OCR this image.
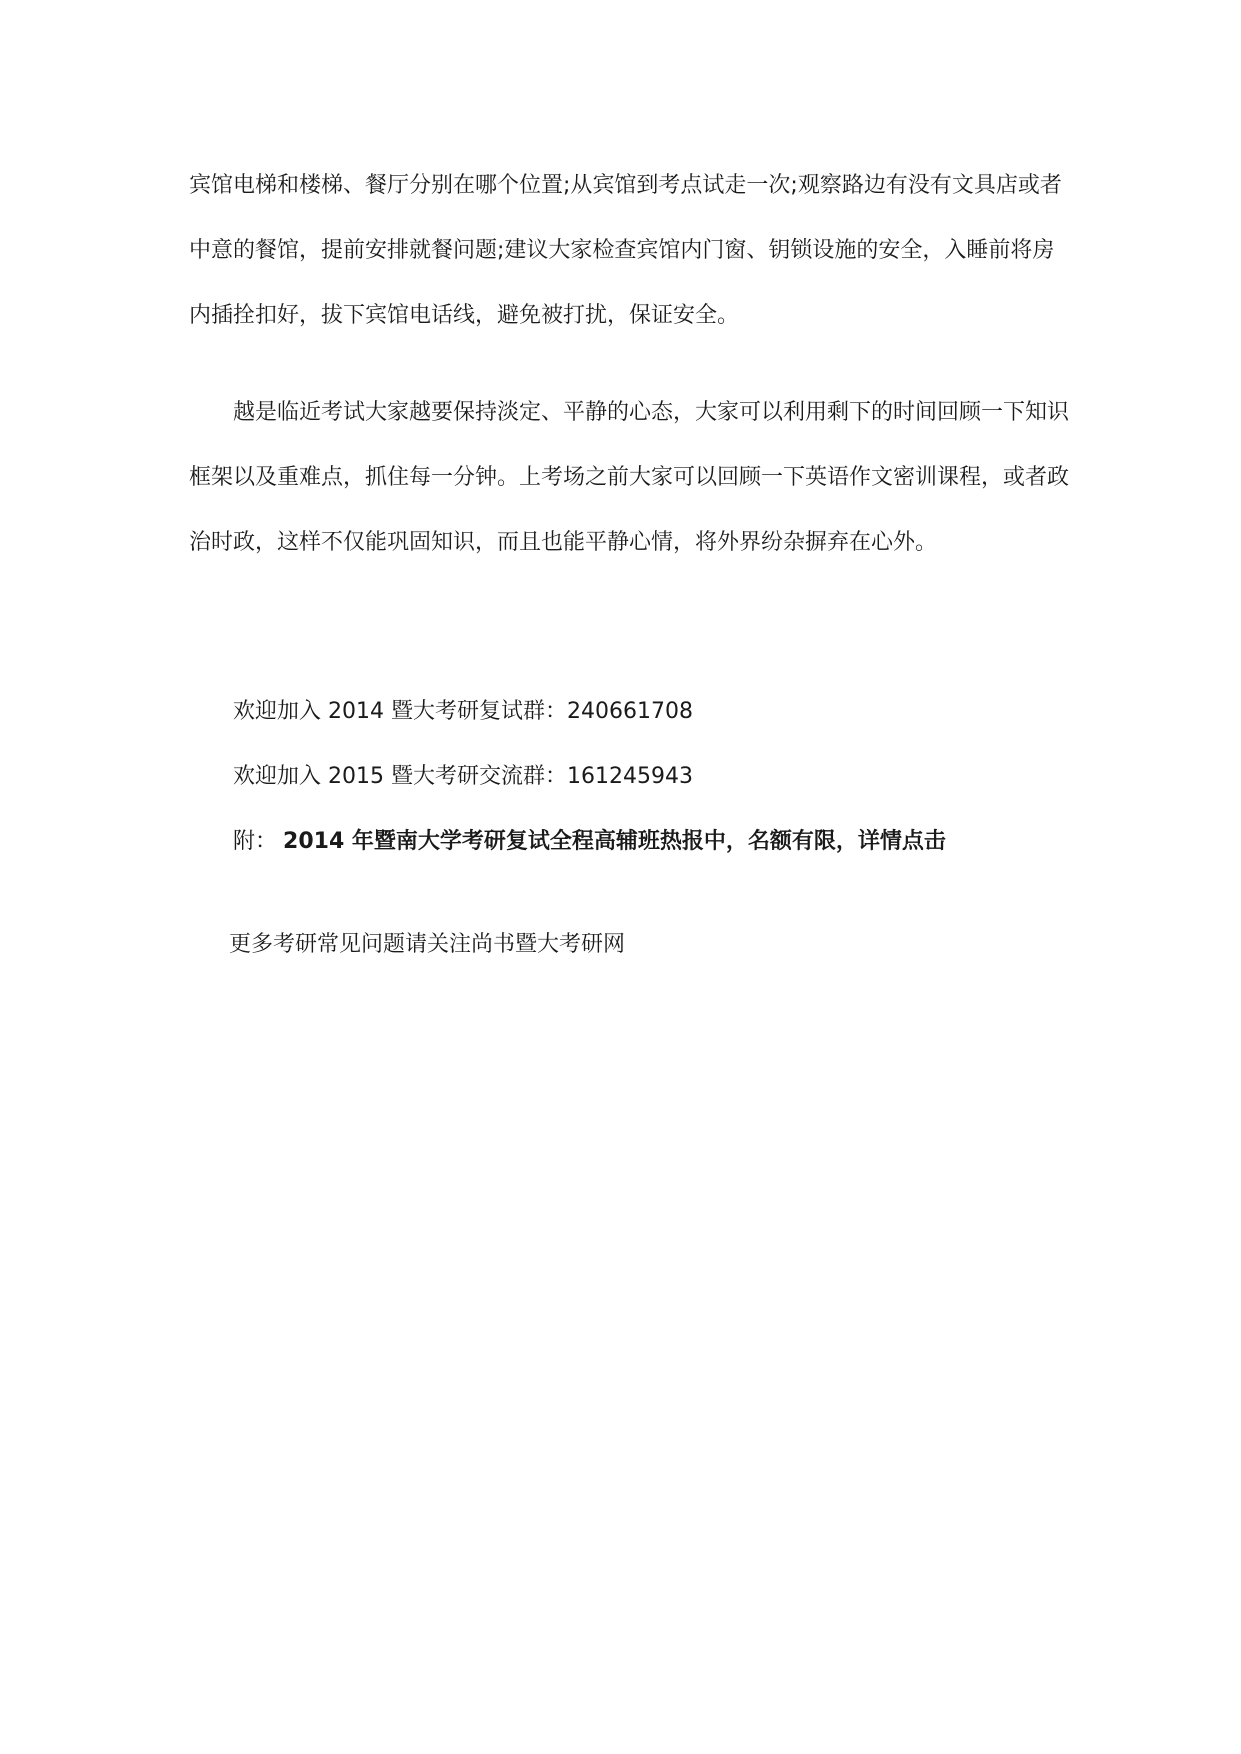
宾馆电梯和楼梯、餐厅分别在哪个位置;从宾馆到考点试走一次;观察路边有没有文具店或者
中意的餐馆，提前安排就餐问题;建议大家检查宾馆内门窗、钥锁设施的安全，入睡前将房
内插拴扣好，拔下宾馆电话线，避免被打扰，保证安全。

越是临近考试大家越要保持淡定、平静的心态，大家可以利用剩下的时间回顾一下知识
框架以及重难点，抓住每一分钟。上考场之前大家可以回顾一下英语作文密训课程，或者政
治时政，这样不仅能巩固知识，而且也能平静心情，将外界纷杂摒弃在心外。

欢迎加入 2014 暨大考研复试群：240661708
欢迎加入 2015 暨大考研交流群：161245943
附： 2014 年暨南大学考研复试全程高辅班热报中，名额有限，详情点击
更多考研常见问题请关注尚书暨大考研网
